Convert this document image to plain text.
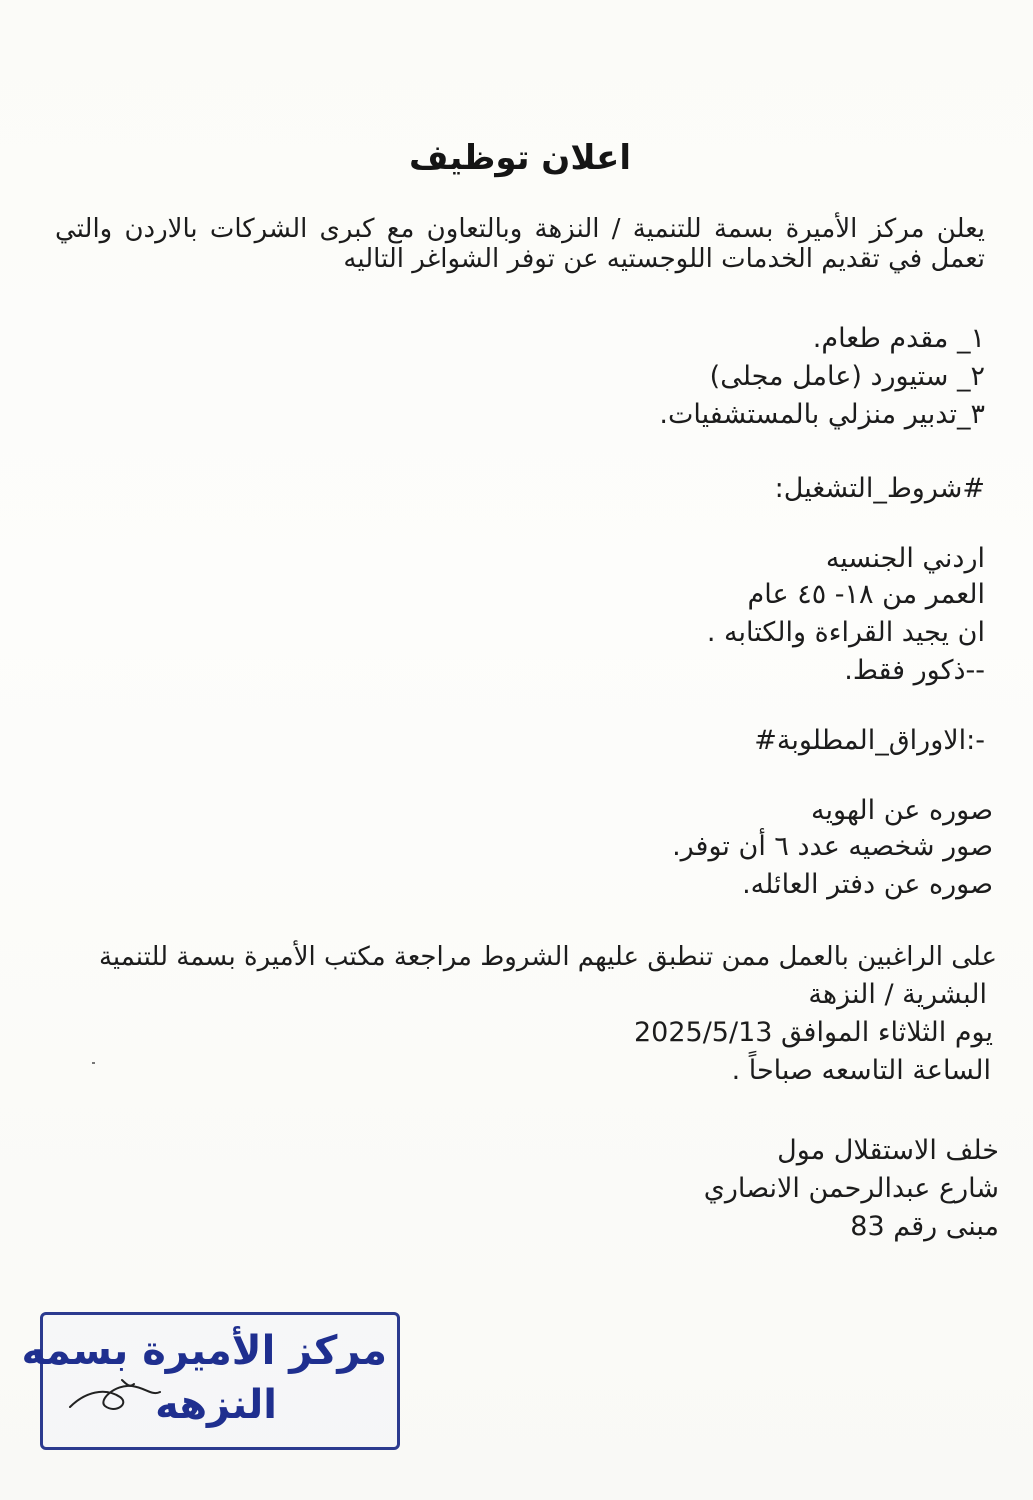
اعلان توظيف
يعلن مركز الأميرة بسمة للتنمية / النزهة وبالتعاون مع كبرى الشركات بالاردن والتي تعمل في تقديم الخدمات اللوجستيه عن توفر الشواغر التاليه
١_ مقدم طعام.
٢_ ستيورد (عامل مجلى)
٣_تدبير منزلي بالمستشفيات.
#شروط_التشغيل:
اردني الجنسيه
العمر من ١٨- ٤٥ عام
ان يجيد القراءة والكتابه .
--ذكور فقط.
-:الاوراق_المطلوبة#
صوره عن الهويه
صور شخصيه عدد ٦ أن توفر.
صوره عن دفتر العائله.
على الراغبين بالعمل ممن تنطبق عليهم الشروط مراجعة مكتب الأميرة بسمة للتنمية
البشرية / النزهة
يوم الثلاثاء الموافق 2025/5/13
الساعة التاسعه صباحاً .
خلف الاستقلال مول
شارع عبدالرحمن الانصاري
مبنى رقم 83
مركز الأميرة بسمه
النزهه
